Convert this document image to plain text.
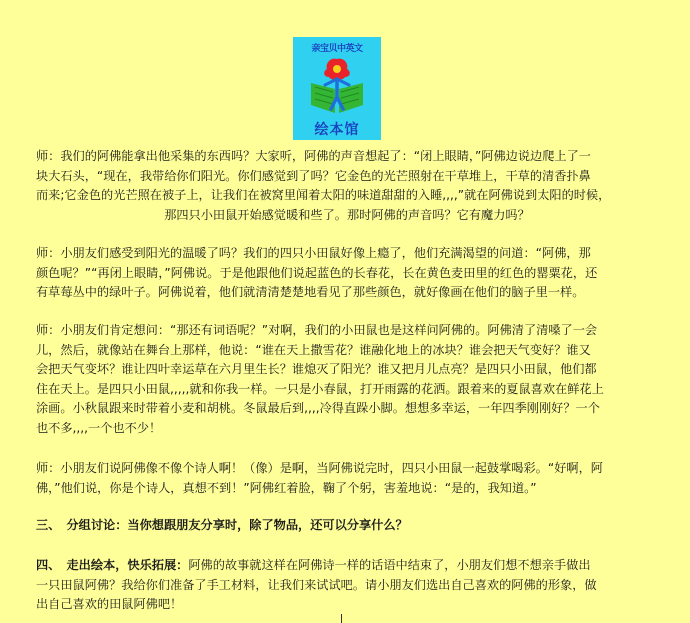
亲宝贝中英文
绘本馆
师：我们的阿佛能拿出他采集的东西吗？大家听，阿佛的声音想起了：“闭上眼睛，”阿佛边说边爬上了一
块大石头，“现在，我带给你们阳光。你们感觉到了吗？它金色的光芒照射在干草堆上，干草的清香扑鼻
而来;它金色的光芒照在被子上，让我们在被窝里闻着太阳的味道甜甜的入睡,,,,”就在阿佛说到太阳的时候，
那四只小田鼠开始感觉暖和些了。那时阿佛的声音吗？它有魔力吗？
师：小朋友们感受到阳光的温暖了吗？我们的四只小田鼠好像上瘾了，他们充满渴望的问道：“阿佛，那
颜色呢？”“再闭上眼睛，”阿佛说。于是他跟他们说起蓝色的长春花，长在黄色麦田里的红色的罂粟花，还
有草莓丛中的绿叶子。阿佛说着，他们就清清楚楚地看见了那些颜色，就好像画在他们的脑子里一样。
师：小朋友们肯定想问：“那还有词语呢？”对啊，我们的小田鼠也是这样问阿佛的。阿佛清了清嗓了一会
儿，然后，就像站在舞台上那样，他说：“谁在天上撒雪花？谁融化地上的冰块？谁会把天气变好？谁又
会把天气变坏？谁让四叶幸运草在六月里生长？谁熄灭了阳光？谁又把月儿点亮？是四只小田鼠，他们都
住在天上。是四只小田鼠,,,,,就和你我一样。一只是小春鼠，打开雨露的花洒。跟着来的夏鼠喜欢在鲜花上
涂画。小秋鼠跟来时带着小麦和胡桃。冬鼠最后到,,,,冷得直跺小脚。想想多幸运，一年四季刚刚好？一个
也不多,,,,一个也不少！
师：小朋友们说阿佛像不像个诗人啊！（像）是啊，当阿佛说完时，四只小田鼠一起鼓掌喝彩。“好啊，阿
佛，”他们说，你是个诗人，真想不到！”阿佛红着脸，鞠了个躬，害羞地说：“是的，我知道。”
三、　分组讨论：当你想跟朋友分享时，除了物品，还可以分享什么？
四、　走出绘本，快乐拓展：阿佛的故事就这样在阿佛诗一样的话语中结束了，小朋友们想不想亲手做出
一只田鼠阿佛？我给你们准备了手工材料，让我们来试试吧。请小朋友们选出自己喜欢的阿佛的形象，做
出自己喜欢的田鼠阿佛吧！
